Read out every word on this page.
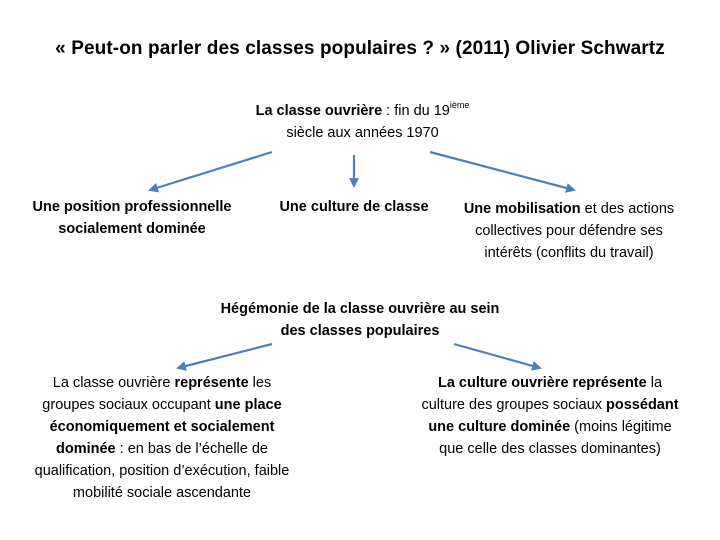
« Peut-on parler des classes populaires ? » (2011) Olivier Schwartz
La classe ouvrière : fin du 19ième
siècle aux années 1970
Une position professionnelle socialement dominée
Une culture de classe	Une mobilisation et des actions collectives pour défendre ses intérêts (conflits du travail)
Hégémonie de la classe ouvrière au sein des classes populaires
La classe ouvrière représente les groupes sociaux occupant une place économiquement et socialement dominée : en bas de l’échelle de qualification, position d’exécution, faible mobilité sociale ascendante
La culture ouvrière représente la culture des groupes sociaux possédant une culture dominée (moins légitime que celle des classes dominantes)
